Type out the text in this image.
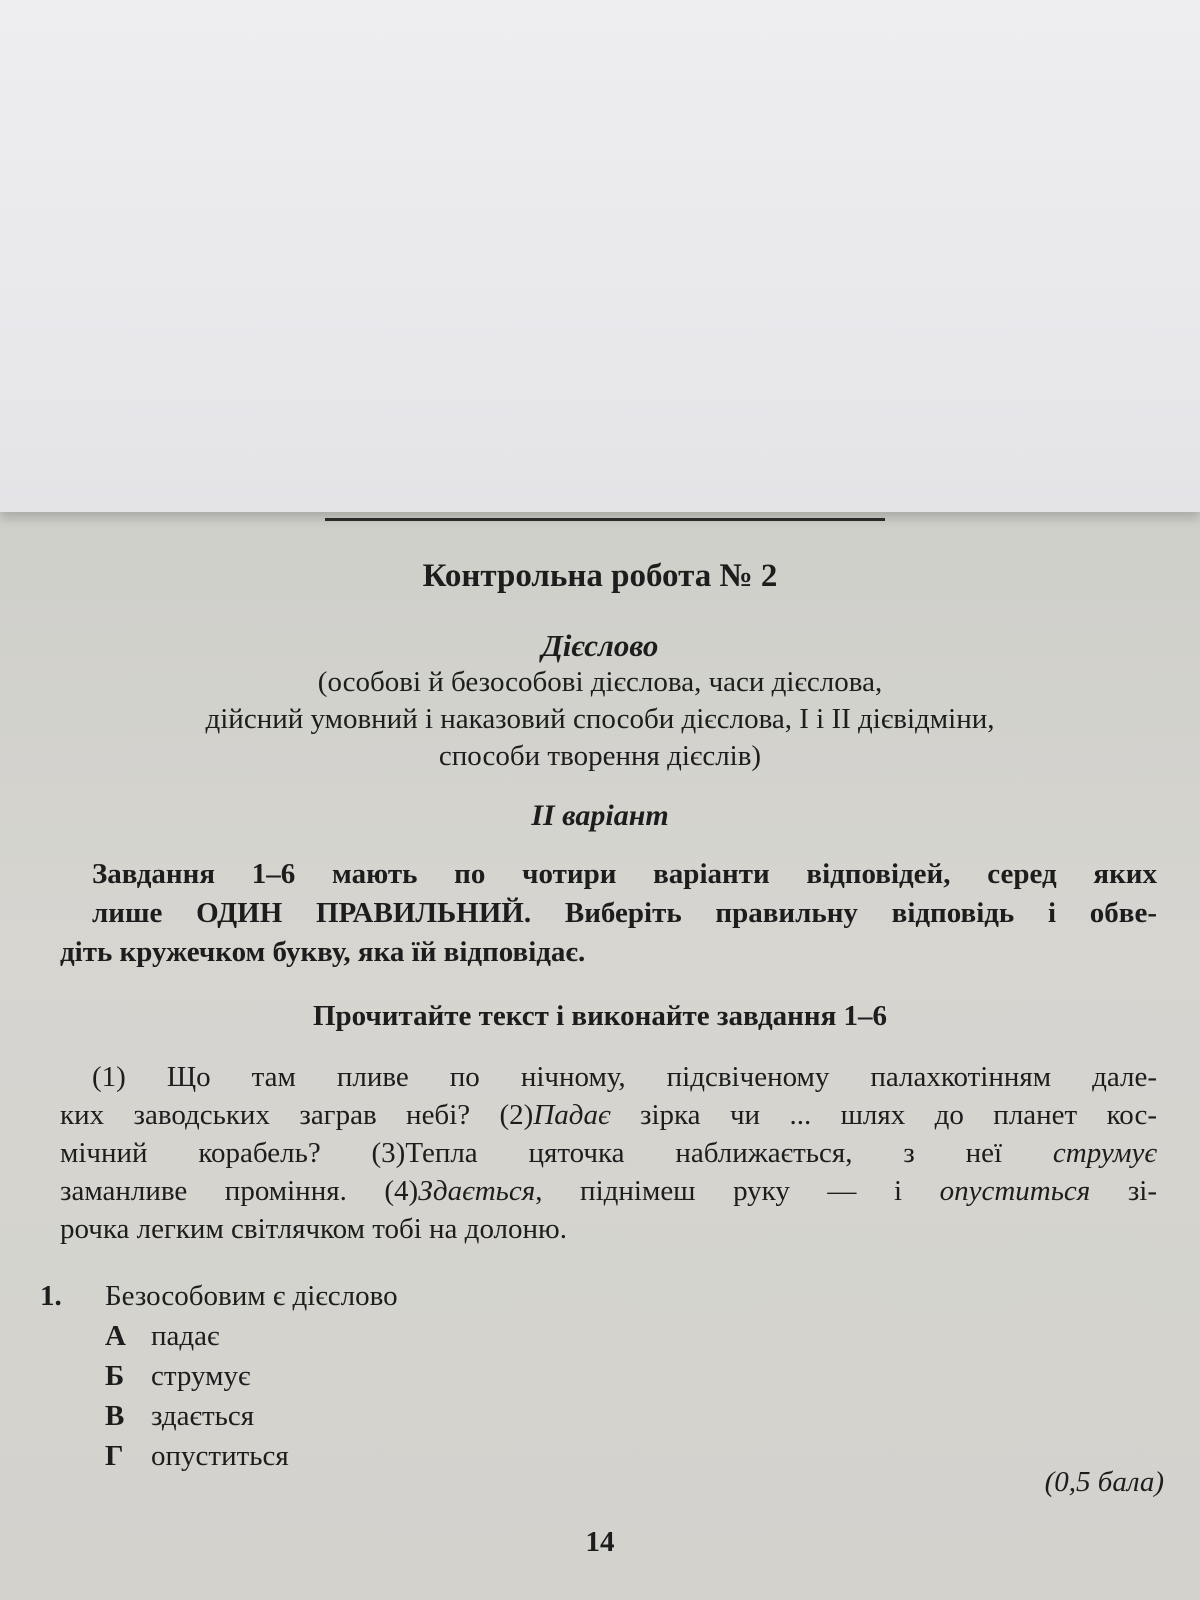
Контрольна робота № 2
Дієслово
(особові й безособові дієслова, часи дієслова,
дійсний умовний і наказовий способи дієслова, І і ІІ дієвідміни,
способи творення дієслів)
ІІ варіант
Завдання 1–6 мають по чотири варіанти відповідей, серед яких
лише ОДИН ПРАВИЛЬНИЙ. Виберіть правильну відповідь і обве-
діть кружечком букву, яка їй відповідає.
Прочитайте текст і виконайте завдання 1–6
(1) Що там пливе по нічному, підсвіченому палахкотінням дале-
ких заводських заграв небі? (2)Падає зірка чи ... шлях до планет кос-
мічний корабель? (3)Тепла цяточка наближається, з неї струмує
заманливе проміння. (4)Здається, піднімеш руку — і опуститься зі-
рочка легким світлячком тобі на долоню.
1. Безособовим є дієслово
А падає
Б струмує
В здається
Г опуститься
(0,5 бала)
14
